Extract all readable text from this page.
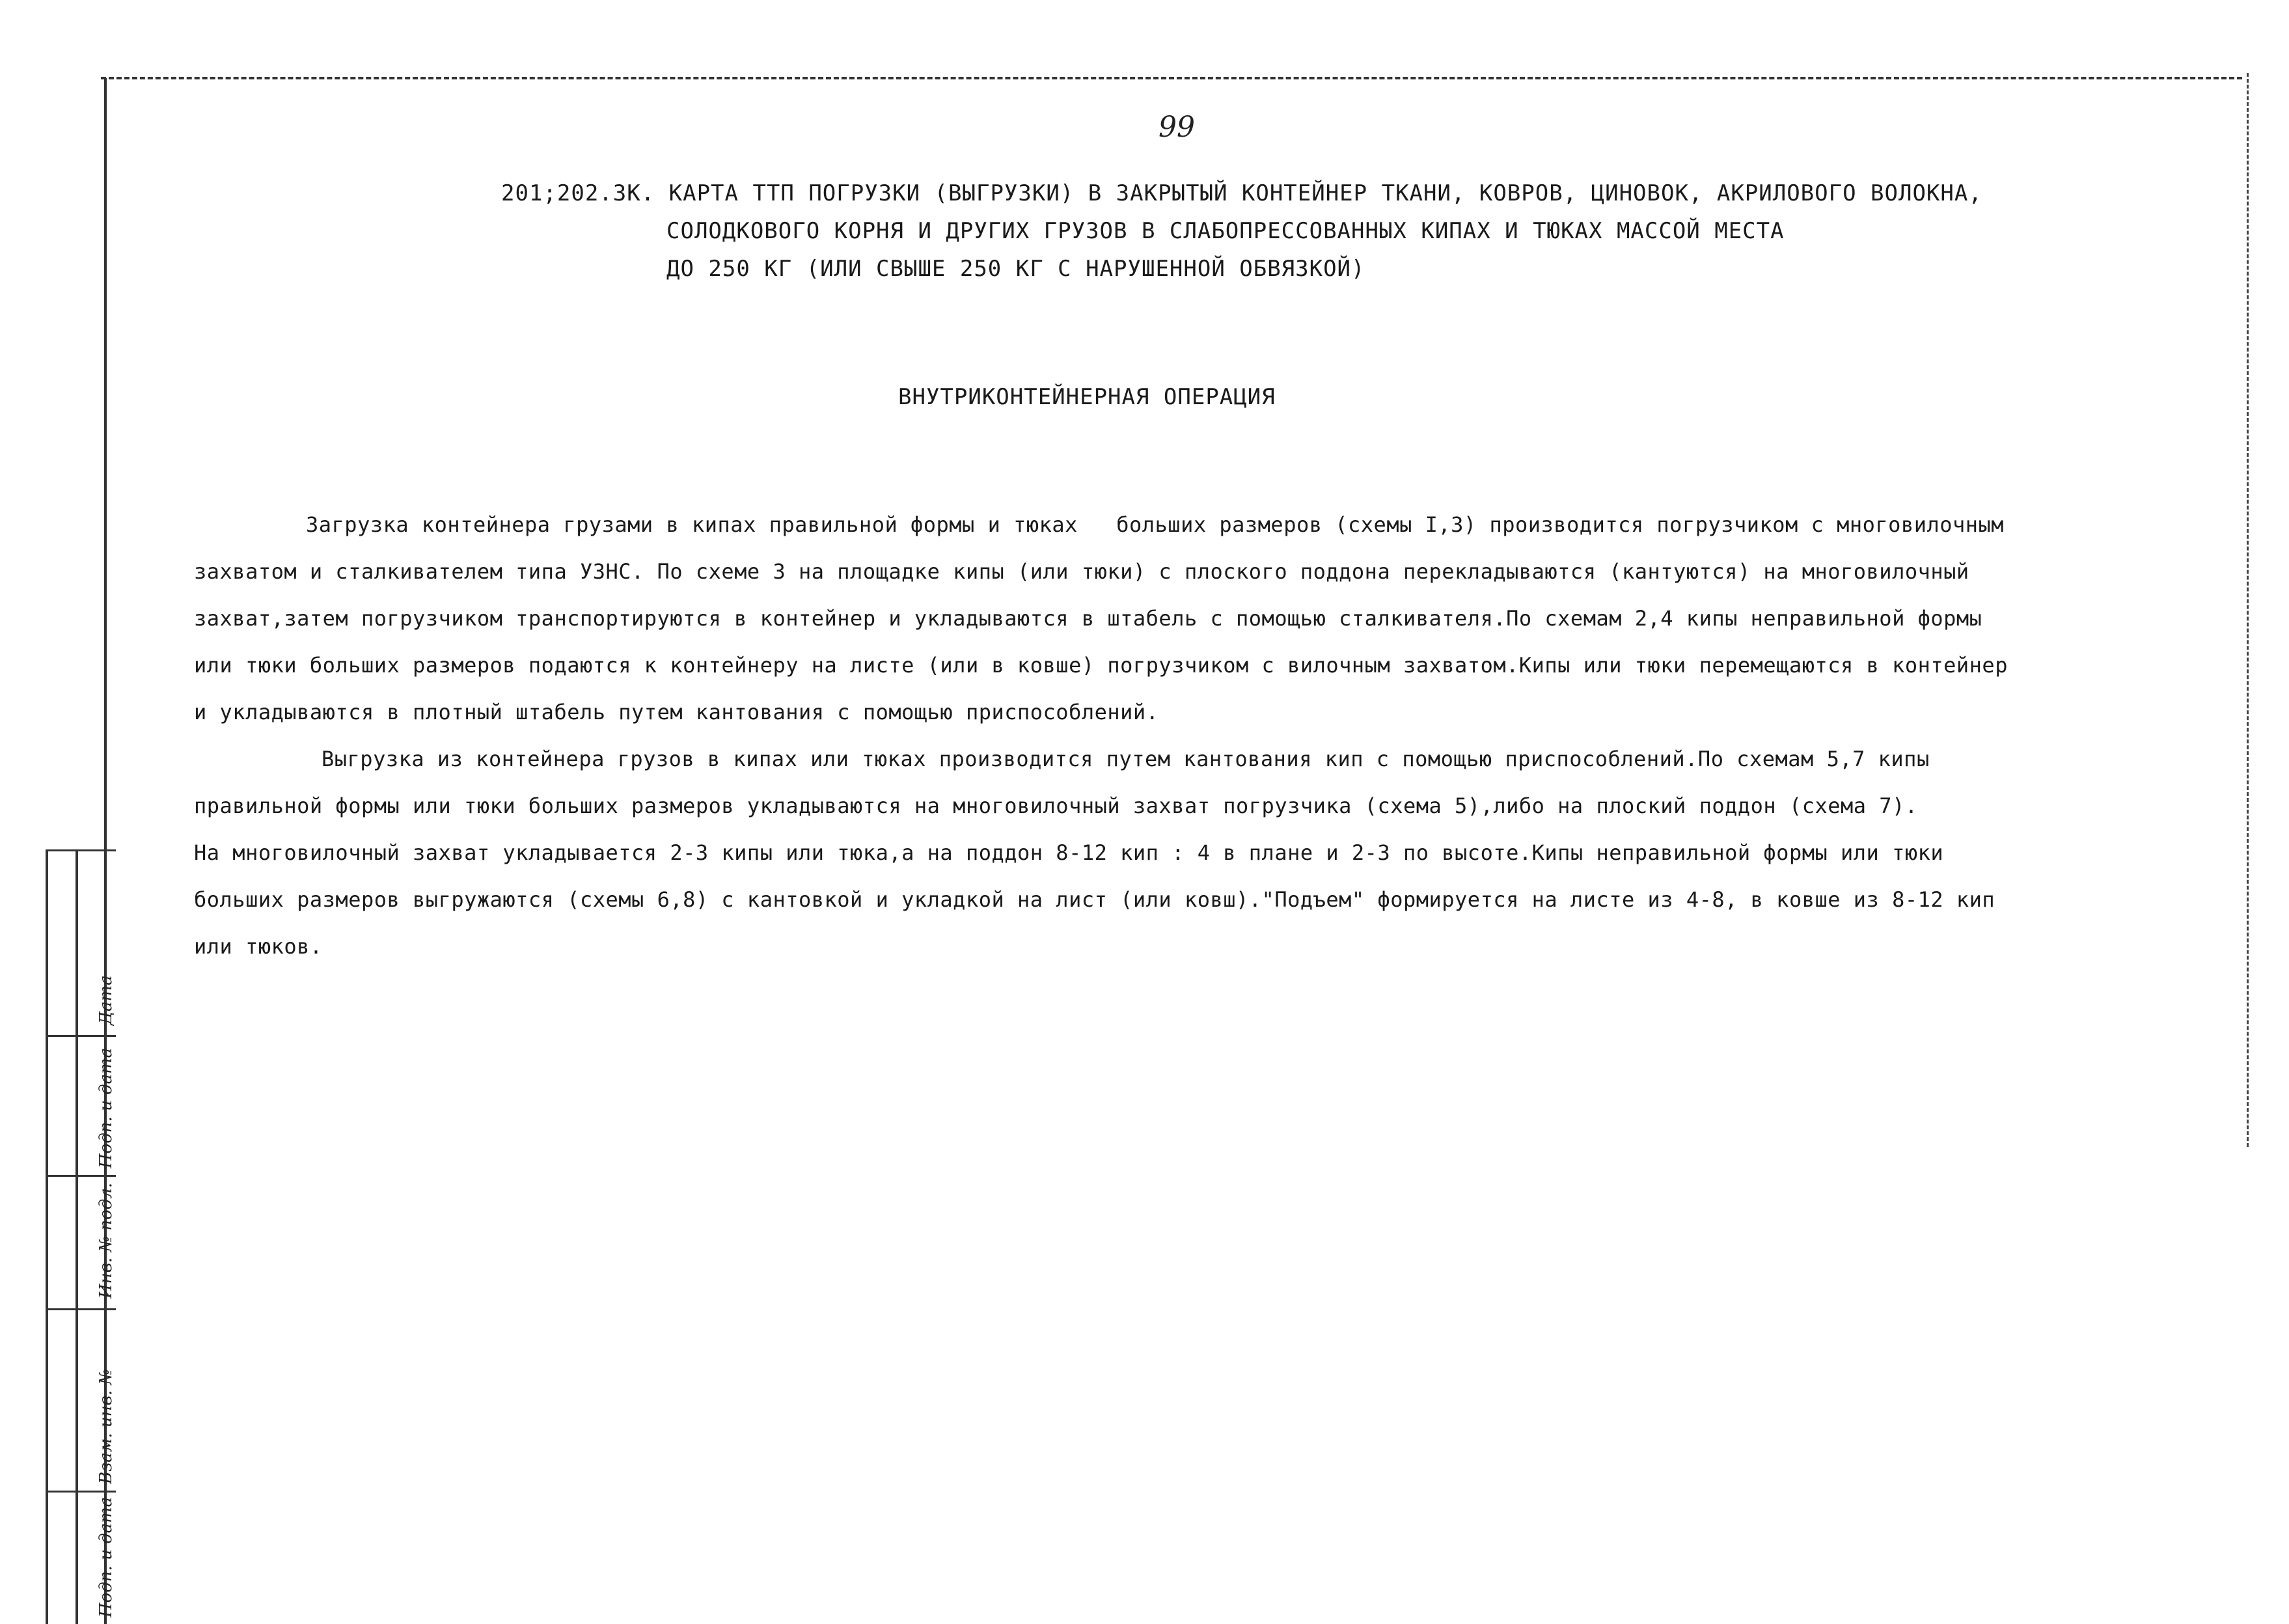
99
201;202.3К. КАРТА ТТП ПОГРУЗКИ (ВЫГРУЗКИ) В ЗАКРЫТЫЙ КОНТЕЙНЕР ТКАНИ, КОВРОВ, ЦИНОВОК, АКРИЛОВОГО ВОЛОКНА,
СОЛОДКОВОГО КОРНЯ И ДРУГИХ ГРУЗОВ В СЛАБОПРЕССОВАННЫХ КИПАХ И ТЮКАХ МАССОЙ МЕСТА
ДО 250 КГ (ИЛИ СВЫШЕ 250 КГ С НАРУШЕННОЙ ОБВЯЗКОЙ)
ВНУТРИКОНТЕЙНЕРНАЯ ОПЕРАЦИЯ
Загрузка контейнера грузами в кипах правильной формы и тюках   больших размеров (схемы I,3) производится погрузчиком с многовилочным
захватом и сталкивателем типа УЗНС. По схеме 3 на площадке кипы (или тюки) с плоского поддона перекладываются (кантуются) на многовилочный
захват,затем погрузчиком транспортируются в контейнер и укладываются в штабель с помощью сталкивателя.По схемам 2,4 кипы неправильной формы
или тюки больших размеров подаются к контейнеру на листе (или в ковше) погрузчиком с вилочным захватом.Кипы или тюки перемещаются в контейнер
и укладываются в плотный штабель путем кантования с помощью приспособлений.
Выгрузка из контейнера грузов в кипах или тюках производится путем кантования кип с помощью приспособлений.По схемам 5,7 кипы
правильной формы или тюки больших размеров укладываются на многовилочный захват погрузчика (схема 5),либо на плоский поддон (схема 7).
На многовилочный захват укладывается 2-3 кипы или тюка,а на поддон 8-12 кип : 4 в плане и 2-3 по высоте.Кипы неправильной формы или тюки
больших размеров выгружаются (схемы 6,8) с кантовкой и укладкой на лист (или ковш)."Подъем" формируется на листе из 4-8, в ковше из 8-12 кип
или тюков.
Подп. и дата
Взам. инв. №
Инв. № подл.
Подп. и дата
Дата
